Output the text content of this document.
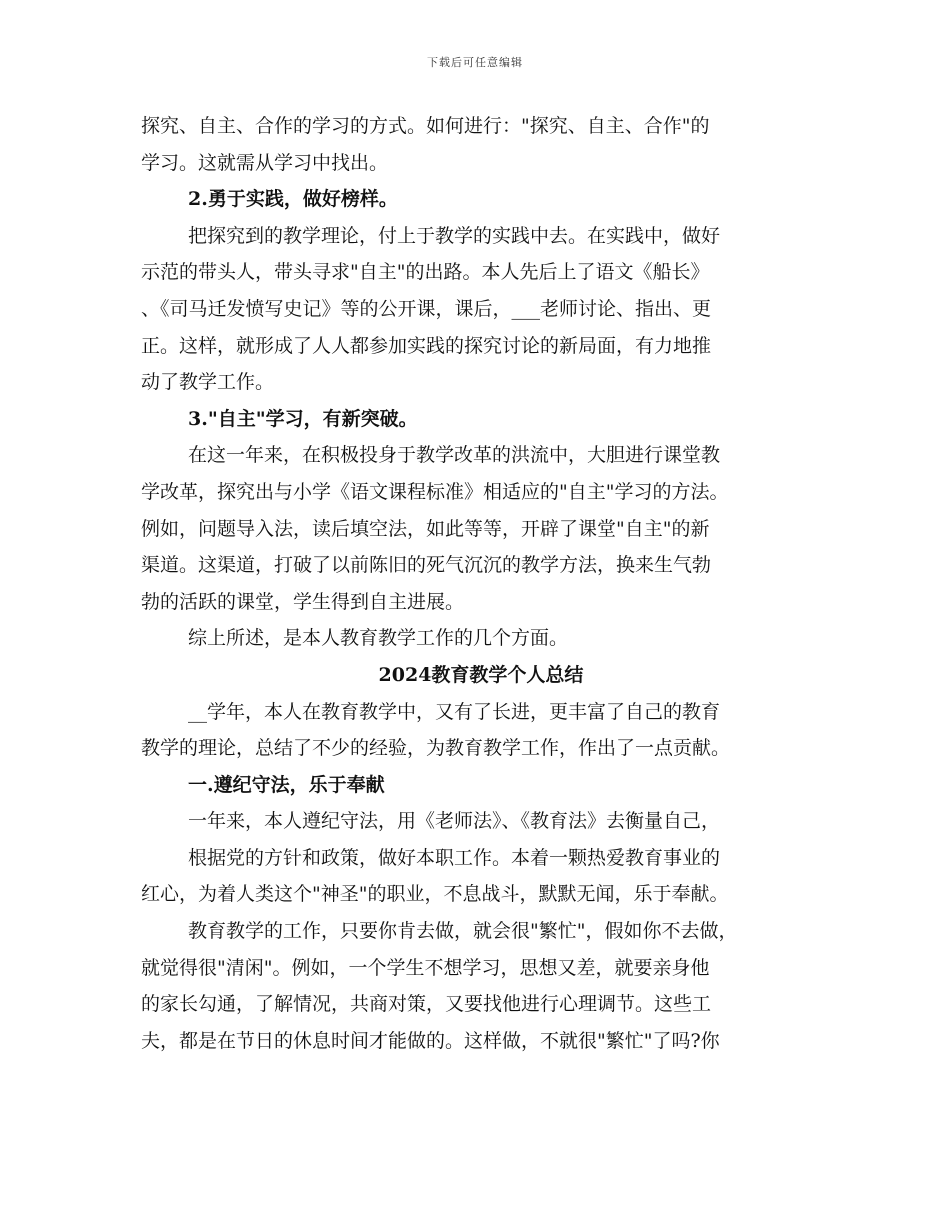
下载后可任意编辑
探究、自主、合作的学习的方式。如何进行："探究、自主、合作"的
学习。这就需从学习中找出。
2.勇于实践，做好榜样。
把探究到的教学理论，付上于教学的实践中去。在实践中，做好
示范的带头人，带头寻求"自主"的出路。本人先后上了语文《船长》
、《司马迁发愤写史记》等的公开课，课后，___老师讨论、指出、更
正。这样，就形成了人人都参加实践的探究讨论的新局面，有力地推
动了教学工作。
3."自主"学习，有新突破。
在这一年来，在积极投身于教学改革的洪流中，大胆进行课堂教
学改革，探究出与小学《语文课程标准》相适应的"自主"学习的方法。
例如，问题导入法，读后填空法，如此等等，开辟了课堂"自主"的新
渠道。这渠道，打破了以前陈旧的死气沉沉的教学方法，换来生气勃
勃的活跃的课堂，学生得到自主进展。
综上所述，是本人教育教学工作的几个方面。
2024教育教学个人总结
__学年，本人在教育教学中，又有了长进，更丰富了自己的教育
教学的理论，总结了不少的经验，为教育教学工作，作出了一点贡献。
一.遵纪守法，乐于奉献
一年来，本人遵纪守法，用《老师法》、《教育法》去衡量自己，
根据党的方针和政策，做好本职工作。本着一颗热爱教育事业的
红心，为着人类这个"神圣"的职业，不息战斗，默默无闻，乐于奉献。
教育教学的工作，只要你肯去做，就会很"繁忙"，假如你不去做，
就觉得很"清闲"。例如，一个学生不想学习，思想又差，就要亲身他
的家长勾通，了解情况，共商对策，又要找他进行心理调节。这些工
夫，都是在节日的休息时间才能做的。这样做，不就很"繁忙"了吗?你
